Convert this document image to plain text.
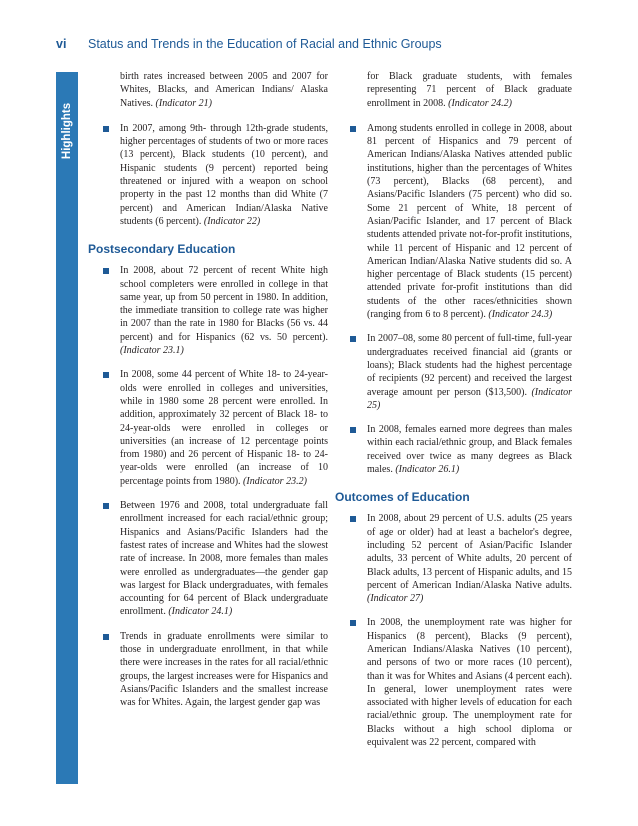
vi Status and Trends in the Education of Racial and Ethnic Groups
Highlights
birth rates increased between 2005 and 2007 for Whites, Blacks, and American Indians/ Alaska Natives. (Indicator 21)
In 2007, among 9th- through 12th-grade students, higher percentages of students of two or more races (13 percent), Black students (10 percent), and Hispanic students (9 percent) reported being threatened or injured with a weapon on school property in the past 12 months than did White (7 percent) and American Indian/Alaska Native students (6 percent). (Indicator 22)
Postsecondary Education
In 2008, about 72 percent of recent White high school completers were enrolled in college in that same year, up from 50 percent in 1980. In addition, the immediate transition to college rate was higher in 2007 than the rate in 1980 for Blacks (56 vs. 44 percent) and for Hispanics (62 vs. 50 percent). (Indicator 23.1)
In 2008, some 44 percent of White 18- to 24-year-olds were enrolled in colleges and universities, while in 1980 some 28 percent were enrolled. In addition, approximately 32 percent of Black 18- to 24-year-olds were enrolled in colleges or universities (an increase of 12 percentage points from 1980) and 26 percent of Hispanic 18- to 24-year-olds were enrolled (an increase of 10 percentage points from 1980). (Indicator 23.2)
Between 1976 and 2008, total undergraduate fall enrollment increased for each racial/ethnic group; Hispanics and Asians/Pacific Islanders had the fastest rates of increase and Whites had the slowest rate of increase. In 2008, more females than males were enrolled as undergraduates—the gender gap was largest for Black undergraduates, with females accounting for 64 percent of Black undergraduate enrollment. (Indicator 24.1)
Trends in graduate enrollments were similar to those in undergraduate enrollment, in that while there were increases in the rates for all racial/ethnic groups, the largest increases were for Hispanics and Asians/Pacific Islanders and the smallest increase was for Whites. Again, the largest gender gap was
for Black graduate students, with females representing 71 percent of Black graduate enrollment in 2008. (Indicator 24.2)
Among students enrolled in college in 2008, about 81 percent of Hispanics and 79 percent of American Indians/Alaska Natives attended public institutions, higher than the percentages of Whites (73 percent), Blacks (68 percent), and Asians/Pacific Islanders (75 percent) who did so. Some 21 percent of White, 18 percent of Asian/Pacific Islander, and 17 percent of Black students attended private not-for-profit institutions, while 11 percent of Hispanic and 12 percent of American Indian/Alaska Native students did so. A higher percentage of Black students (15 percent) attended private for-profit institutions than did students of the other races/ethnicities shown (ranging from 6 to 8 percent). (Indicator 24.3)
In 2007–08, some 80 percent of full-time, full-year undergraduates received financial aid (grants or loans); Black students had the highest percentage of recipients (92 percent) and received the largest average amount per person ($13,500). (Indicator 25)
In 2008, females earned more degrees than males within each racial/ethnic group, and Black females received over twice as many degrees as Black males. (Indicator 26.1)
Outcomes of Education
In 2008, about 29 percent of U.S. adults (25 years of age or older) had at least a bachelor's degree, including 52 percent of Asian/Pacific Islander adults, 33 percent of White adults, 20 percent of Black adults, 13 percent of Hispanic adults, and 15 percent of American Indian/Alaska Native adults. (Indicator 27)
In 2008, the unemployment rate was higher for Hispanics (8 percent), Blacks (9 percent), American Indians/Alaska Natives (10 percent), and persons of two or more races (10 percent), than it was for Whites and Asians (4 percent each). In general, lower unemployment rates were associated with higher levels of education for each racial/ethnic group. The unemployment rate for Blacks without a high school diploma or equivalent was 22 percent, compared with
